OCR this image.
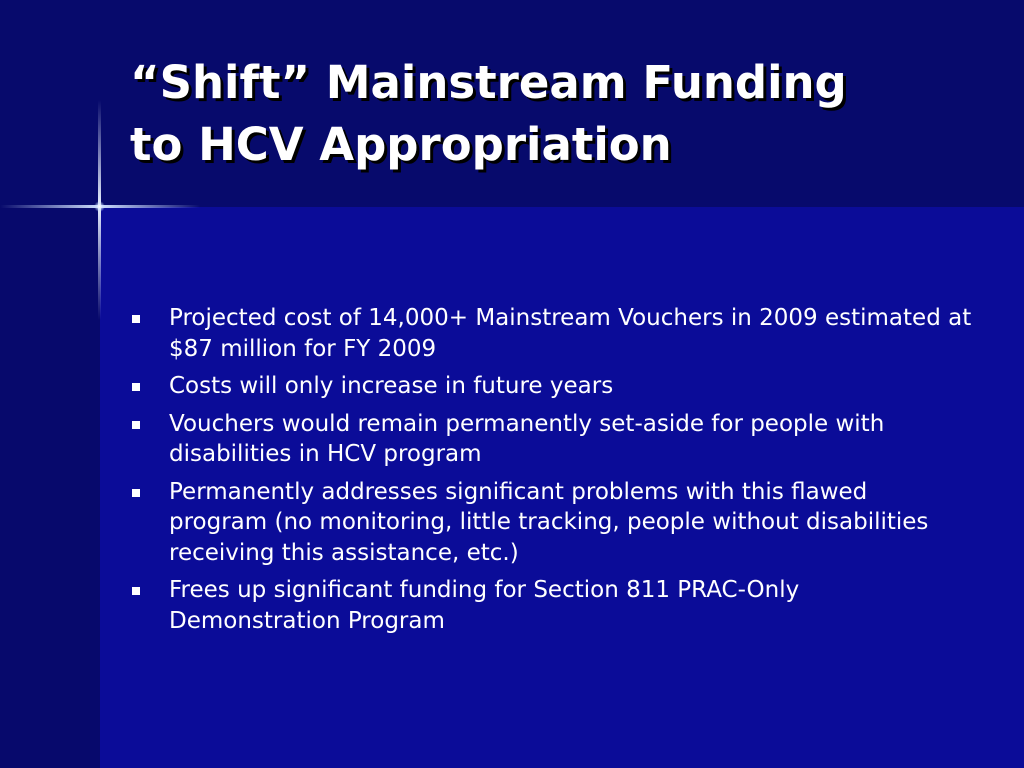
“Shift” Mainstream Funding
to HCV Appropriation
Projected cost of 14,000+ Mainstream Vouchers in 2009 estimated at $87 million for FY 2009
Costs will only increase in future years
Vouchers would remain permanently set-aside for people with disabilities in HCV program
Permanently addresses significant problems with this flawed program (no monitoring, little tracking, people without disabilities receiving this assistance, etc.)
Frees up significant funding for Section 811 PRAC-Only Demonstration Program
